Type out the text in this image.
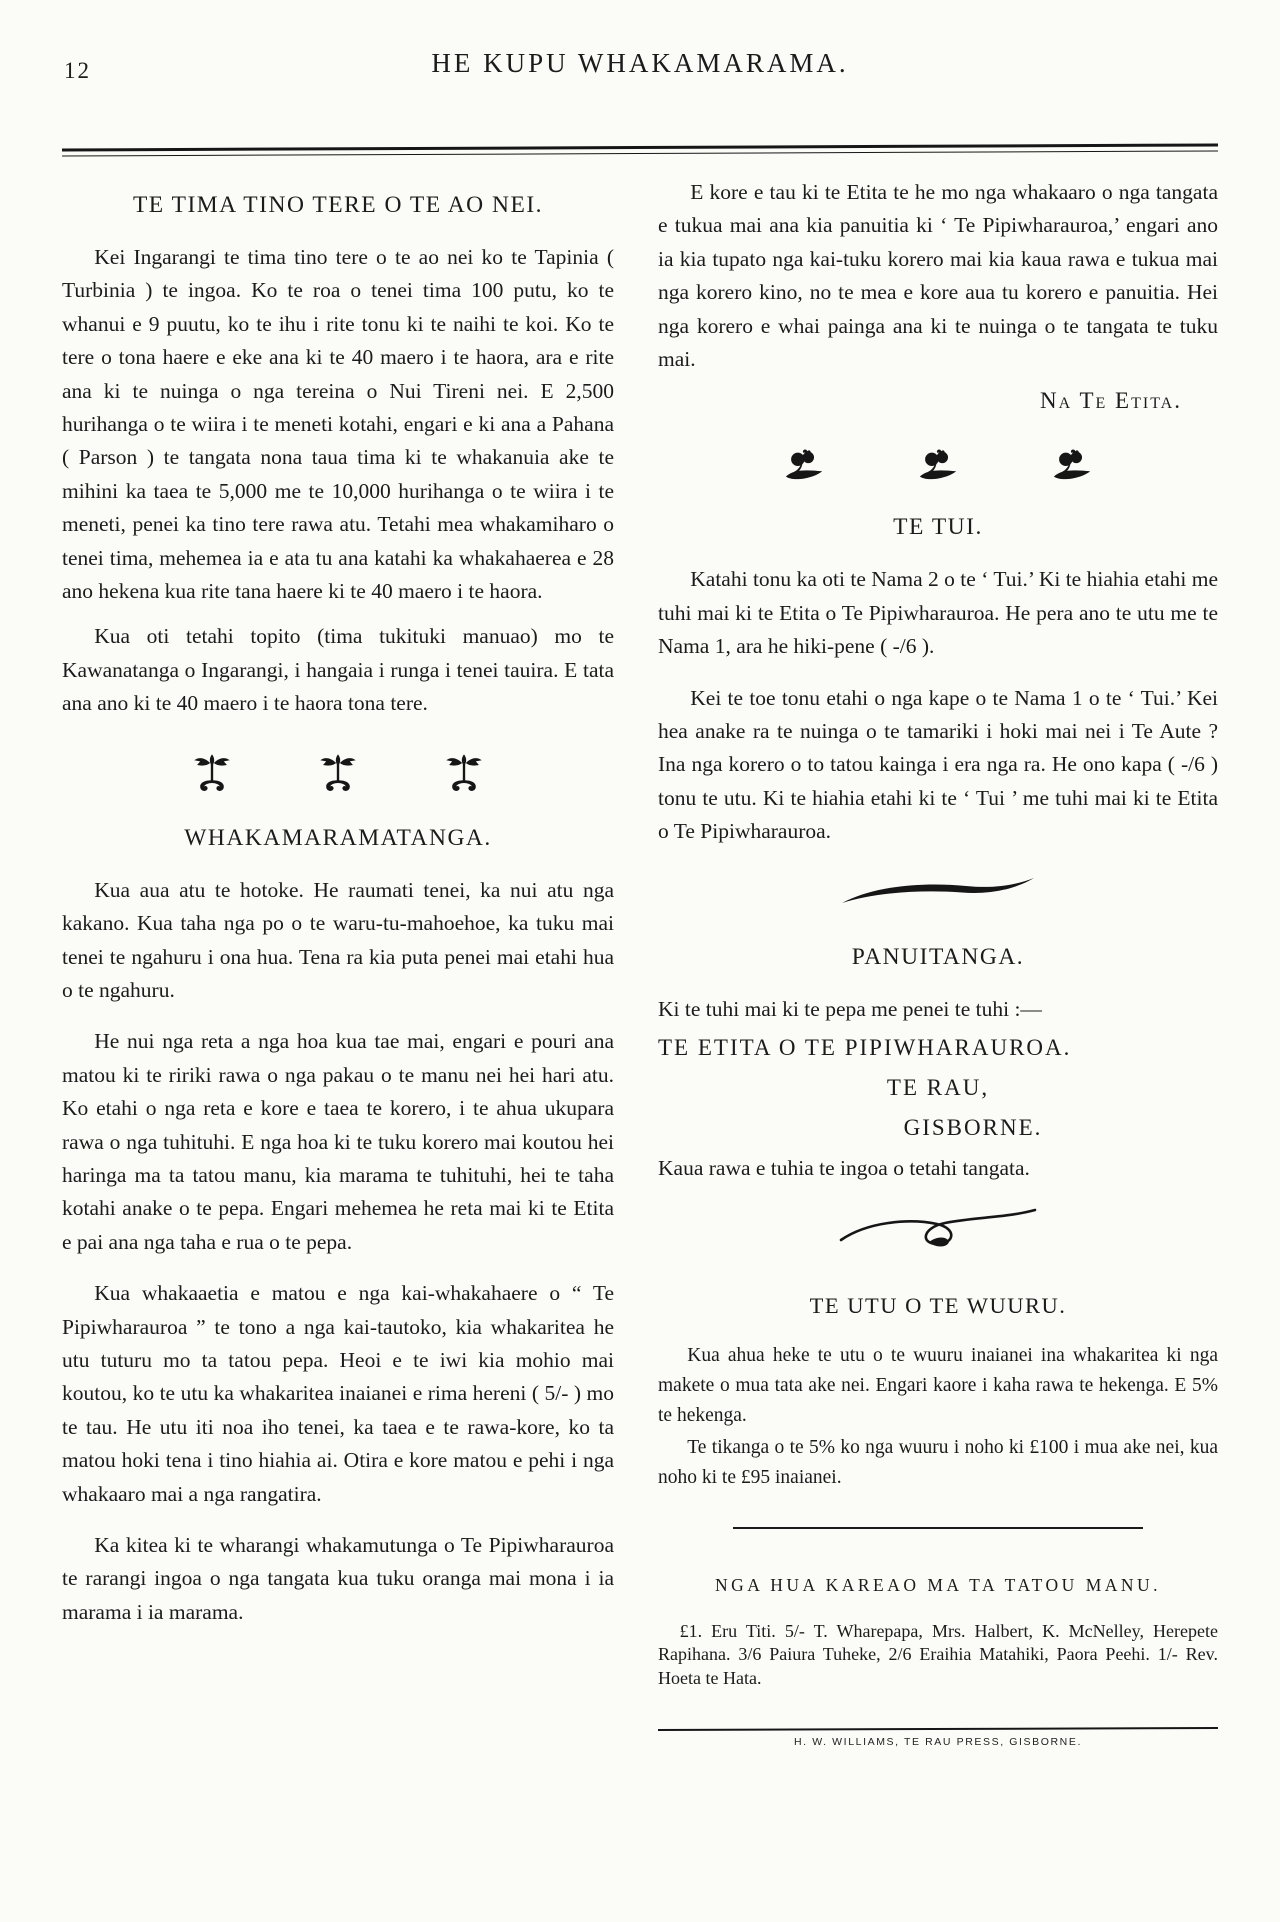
12	HE KUPU WHAKAMARAMA.
TE TIMA TINO TERE O TE AO NEI.

Kei Ingarangi te tima tino tere o te ao nei ko te Tapinia ( Turbinia ) te ingoa. Ko te roa o tenei tima 100 putu, ko te whanui e 9 puutu, ko te ihu i rite tonu ki te naihi te koi. Ko te tere o tona haere e eke ana ki te 40 maero i te haora, ara e rite ana ki te nuinga o nga tereina o Nui Tireni nei. E 2,500 hurihanga o te wiira i te meneti kotahi, engari e ki ana a Pahana ( Parson ) te tangata nona taua tima ki te whakanuia ake te mihini ka taea te 5,000 me te 10,000 hurihanga o te wiira i te meneti, penei ka tino tere rawa atu. Tetahi mea whakamiharo o tenei tima, mehemea ia e ata tu ana katahi ka whakahaerea e 28 ano hekena kua rite tana haere ki te 40 maero i te haora.

Kua oti tetahi topito (tima tukituki manuao) mo te Kawanatanga o Ingarangi, i hangaia i runga i tenei tauira. E tata ana ano ki te 40 maero i te haora tona tere.

WHAKAMARAMATANGA.

Kua aua atu te hotoke. He raumati tenei, ka nui atu nga kakano. Kua taha nga po o te waru-tu-mahoehoe, ka tuku mai tenei te ngahuru i ona hua. Tena ra kia puta penei mai etahi hua o te ngahuru.

He nui nga reta a nga hoa kua tae mai, engari e pouri ana matou ki te ririki rawa o nga pakau o te manu nei hei hari atu. Ko etahi o nga reta e kore e taea te korero, i te ahua ukupara rawa o nga tuhituhi. E nga hoa ki te tuku korero mai koutou hei haringa ma ta tatou manu, kia marama te tuhituhi, hei te taha kotahi anake o te pepa. Engari mehemea he reta mai ki te Etita e pai ana nga taha e rua o te pepa.

Kua whakaaetia e matou e nga kai-whakahaere o “ Te Pipiwharauroa ” te tono a nga kai-tautoko, kia whakaritea he utu tuturu mo ta tatou pepa. Heoi e te iwi kia mohio mai koutou, ko te utu ka whakaritea inaianei e rima hereni ( 5/- ) mo te tau. He utu iti noa iho tenei, ka taea e te rawa-kore, ko ta matou hoki tena i tino hiahia ai. Otira e kore matou e pehi i nga whakaaro mai a nga rangatira.

Ka kitea ki te wharangi whakamutunga o Te Pipiwharauroa te rarangi ingoa o nga tangata kua tuku oranga mai mona i ia marama i ia marama.

E kore e tau ki te Etita te he mo nga whakaaro o nga tangata e tukua mai ana kia panuitia ki ‘ Te Pipiwharauroa,’ engari ano ia kia tupato nga kai-tuku korero mai kia kaua rawa e tukua mai nga korero kino, no te mea e kore aua tu korero e panuitia. Hei nga korero e whai painga ana ki te nuinga o te tangata te tuku mai.

Na Te Etita.
TE TUI.

Katahi tonu ka oti te Nama 2 o te ‘ Tui.’ Ki te hiahia etahi me tuhi mai ki te Etita o Te Pipiwharauroa. He pera ano te utu me te Nama 1, ara he hiki-pene ( -/6 ).

Kei te toe tonu etahi o nga kape o te Nama 1 o te ‘ Tui.’ Kei hea anake ra te nuinga o te tamariki i hoki mai nei i Te Aute ? Ina nga korero o to tatou kainga i era nga ra. He ono kapa ( -/6 ) tonu te utu. Ki te hiahia etahi ki te ‘ Tui ’ me tuhi mai ki te Etita o Te Pipiwharauroa.

PANUITANGA.

Ki te tuhi mai ki te pepa me penei te tuhi :—

TE ETITA O TE PIPIWHARAUROA.

TE RAU,

GISBORNE.

Kaua rawa e tuhia te ingoa o tetahi tangata.

TE UTU O TE WUURU.

Kua ahua heke te utu o te wuuru inaianei ina whakaritea ki nga makete o mua tata ake nei. Engari kaore i kaha rawa te hekenga. E 5% te hekenga.

Te tikanga o te 5% ko nga wuuru i noho ki £100 i mua ake nei, kua noho ki te £95 inaianei.

NGA HUA KAREAO MA TA TATOU MANU.

£1. Eru Titi. 5/- T. Wharepapa, Mrs. Halbert, K. McNelley, Herepete Rapihana. 3/6 Paiura Tuheke, 2/6 Eraihia Matahiki, Paora Peehi. 1/- Rev. Hoeta te Hata.

H. W. WILLIAMS, TE RAU PRESS, GISBORNE.
